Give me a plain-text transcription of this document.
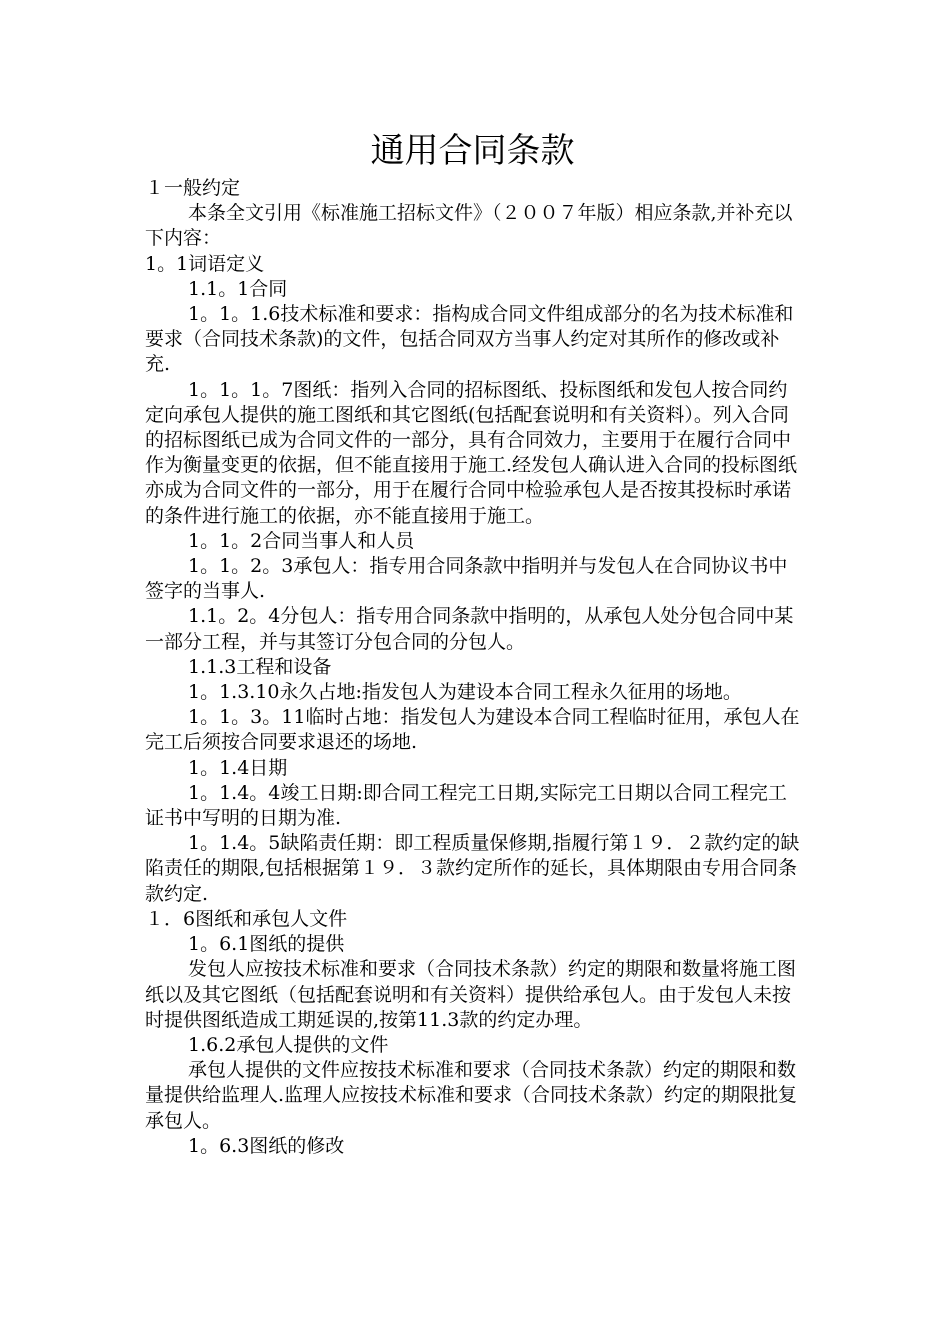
通用合同条款

１一般约定

本条全文引用《标准施工招标文件》（２００７年版）相应条款,并补充以下内容：

1。1词语定义

1.1。1合同

1。1。1.6技术标准和要求：指构成合同文件组成部分的名为技术标准和要求（合同技术条款)的文件，包括合同双方当事人约定对其所作的修改或补充.

1。1。1。7图纸：指列入合同的招标图纸、投标图纸和发包人按合同约定向承包人提供的施工图纸和其它图纸(包括配套说明和有关资料）。列入合同的招标图纸已成为合同文件的一部分，具有合同效力，主要用于在履行合同中作为衡量变更的依据，但不能直接用于施工.经发包人确认进入合同的投标图纸亦成为合同文件的一部分，用于在履行合同中检验承包人是否按其投标时承诺的条件进行施工的依据，亦不能直接用于施工。

1。1。2合同当事人和人员

1。1。2。3承包人：指专用合同条款中指明并与发包人在合同协议书中签字的当事人.

1.1。2。4分包人：指专用合同条款中指明的，从承包人处分包合同中某一部分工程，并与其签订分包合同的分包人。

1.1.3工程和设备

1。1.3.10永久占地:指发包人为建设本合同工程永久征用的场地。

1。1。3。11临时占地：指发包人为建设本合同工程临时征用，承包人在完工后须按合同要求退还的场地.

1。1.4日期

1。1.4。4竣工日期:即合同工程完工日期,实际完工日期以合同工程完工证书中写明的日期为准.

1。1.4。5缺陷责任期：即工程质量保修期,指履行第１９．２款约定的缺陷责任的期限,包括根据第１９．３款约定所作的延长，具体期限由专用合同条款约定.

１．6图纸和承包人文件

1。6.1图纸的提供

发包人应按技术标准和要求（合同技术条款）约定的期限和数量将施工图纸以及其它图纸（包括配套说明和有关资料）提供给承包人。由于发包人未按时提供图纸造成工期延误的,按第11.3款的约定办理。

1.6.2承包人提供的文件

承包人提供的文件应按技术标准和要求（合同技术条款）约定的期限和数量提供给监理人.监理人应按技术标准和要求（合同技术条款）约定的期限批复承包人。

1。6.3图纸的修改
